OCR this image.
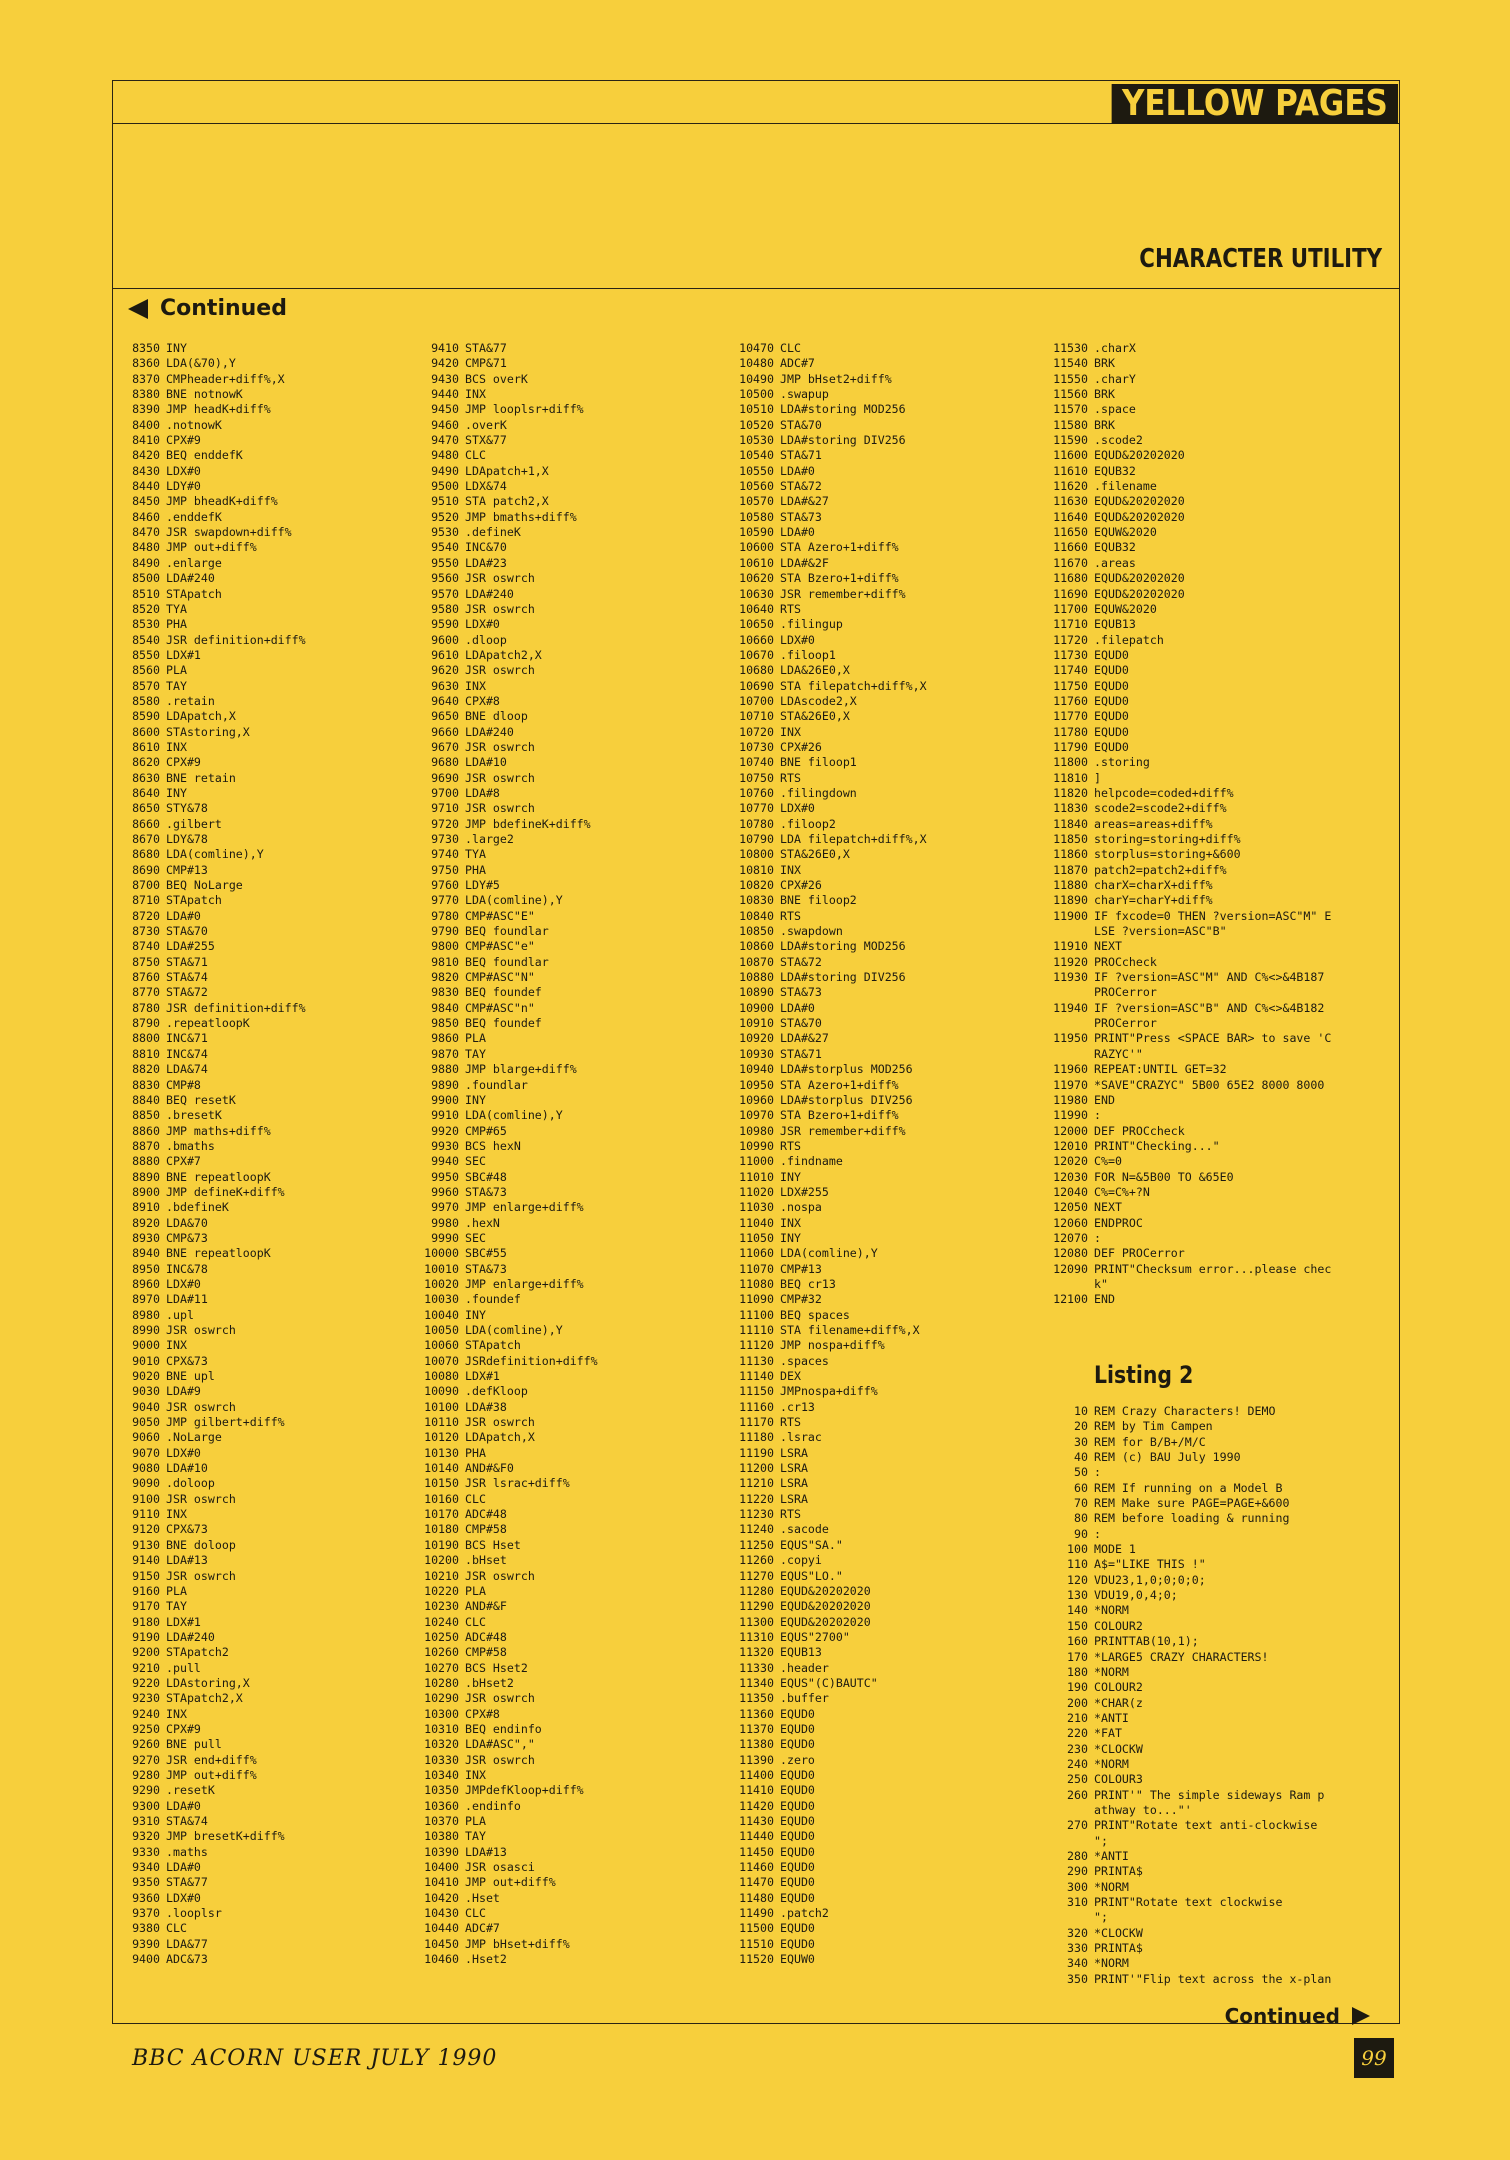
YELLOW PAGES
CHARACTER UTILITY
Continued
8350 INY
8360 LDA(&70),Y
8370 CMPheader+diff%,X
8380 BNE notnowK
8390 JMP headK+diff%
8400 .notnowK
8410 CPX#9
8420 BEQ enddefK
8430 LDX#0
8440 LDY#0
8450 JMP bheadK+diff%
8460 .enddefK
8470 JSR swapdown+diff%
8480 JMP out+diff%
8490 .enlarge
8500 LDA#240
8510 STApatch
8520 TYA
8530 PHA
8540 JSR definition+diff%
8550 LDX#1
8560 PLA
8570 TAY
8580 .retain
8590 LDApatch,X
8600 STAstoring,X
8610 INX
8620 CPX#9
8630 BNE retain
8640 INY
8650 STY&78
8660 .gilbert
8670 LDY&78
8680 LDA(comline),Y
8690 CMP#13
8700 BEQ NoLarge
8710 STApatch
8720 LDA#0
8730 STA&70
8740 LDA#255
8750 STA&71
8760 STA&74
8770 STA&72
8780 JSR definition+diff%
8790 .repeatloopK
8800 INC&71
8810 INC&74
8820 LDA&74
8830 CMP#8
8840 BEQ resetK
8850 .bresetK
8860 JMP maths+diff%
8870 .bmaths
8880 CPX#7
8890 BNE repeatloopK
8900 JMP defineK+diff%
8910 .bdefineK
8920 LDA&70
8930 CMP&73
8940 BNE repeatloopK
8950 INC&78
8960 LDX#0
8970 LDA#11
8980 .upl
8990 JSR oswrch
9000 INX
9010 CPX&73
9020 BNE upl
9030 LDA#9
9040 JSR oswrch
9050 JMP gilbert+diff%
9060 .NoLarge
9070 LDX#0
9080 LDA#10
9090 .doloop
9100 JSR oswrch
9110 INX
9120 CPX&73
9130 BNE doloop
9140 LDA#13
9150 JSR oswrch
9160 PLA
9170 TAY
9180 LDX#1
9190 LDA#240
9200 STApatch2
9210 .pull
9220 LDAstoring,X
9230 STApatch2,X
9240 INX
9250 CPX#9
9260 BNE pull
9270 JSR end+diff%
9280 JMP out+diff%
9290 .resetK
9300 LDA#0
9310 STA&74
9320 JMP bresetK+diff%
9330 .maths
9340 LDA#0
9350 STA&77
9360 LDX#0
9370 .looplsr
9380 CLC
9390 LDA&77
9400 ADC&73
9410 STA&77
9420 CMP&71
9430 BCS overK
9440 INX
9450 JMP looplsr+diff%
9460 .overK
9470 STX&77
9480 CLC
9490 LDApatch+1,X
9500 LDX&74
9510 STA patch2,X
9520 JMP bmaths+diff%
9530 .defineK
9540 INC&70
9550 LDA#23
9560 JSR oswrch
9570 LDA#240
9580 JSR oswrch
9590 LDX#0
9600 .dloop
9610 LDApatch2,X
9620 JSR oswrch
9630 INX
9640 CPX#8
9650 BNE dloop
9660 LDA#240
9670 JSR oswrch
9680 LDA#10
9690 JSR oswrch
9700 LDA#8
9710 JSR oswrch
9720 JMP bdefineK+diff%
9730 .large2
9740 TYA
9750 PHA
9760 LDY#5
9770 LDA(comline),Y
9780 CMP#ASC"E"
9790 BEQ foundlar
9800 CMP#ASC"e"
9810 BEQ foundlar
9820 CMP#ASC"N"
9830 BEQ foundef
9840 CMP#ASC"n"
9850 BEQ foundef
9860 PLA
9870 TAY
9880 JMP blarge+diff%
9890 .foundlar
9900 INY
9910 LDA(comline),Y
9920 CMP#65
9930 BCS hexN
9940 SEC
9950 SBC#48
9960 STA&73
9970 JMP enlarge+diff%
9980 .hexN
9990 SEC
10000 SBC#55
10010 STA&73
10020 JMP enlarge+diff%
10030 .foundef
10040 INY
10050 LDA(comline),Y
10060 STApatch
10070 JSRdefinition+diff%
10080 LDX#1
10090 .defKloop
10100 LDA#38
10110 JSR oswrch
10120 LDApatch,X
10130 PHA
10140 AND#&F0
10150 JSR lsrac+diff%
10160 CLC
10170 ADC#48
10180 CMP#58
10190 BCS Hset
10200 .bHset
10210 JSR oswrch
10220 PLA
10230 AND#&F
10240 CLC
10250 ADC#48
10260 CMP#58
10270 BCS Hset2
10280 .bHset2
10290 JSR oswrch
10300 CPX#8
10310 BEQ endinfo
10320 LDA#ASC","
10330 JSR oswrch
10340 INX
10350 JMPdefKloop+diff%
10360 .endinfo
10370 PLA
10380 TAY
10390 LDA#13
10400 JSR osasci
10410 JMP out+diff%
10420 .Hset
10430 CLC
10440 ADC#7
10450 JMP bHset+diff%
10460 .Hset2
10470 CLC
10480 ADC#7
10490 JMP bHset2+diff%
10500 .swapup
10510 LDA#storing MOD256
10520 STA&70
10530 LDA#storing DIV256
10540 STA&71
10550 LDA#0
10560 STA&72
10570 LDA#&27
10580 STA&73
10590 LDA#0
10600 STA Azero+1+diff%
10610 LDA#&2F
10620 STA Bzero+1+diff%
10630 JSR remember+diff%
10640 RTS
10650 .filingup
10660 LDX#0
10670 .filoop1
10680 LDA&26E0,X
10690 STA filepatch+diff%,X
10700 LDAscode2,X
10710 STA&26E0,X
10720 INX
10730 CPX#26
10740 BNE filoop1
10750 RTS
10760 .filingdown
10770 LDX#0
10780 .filoop2
10790 LDA filepatch+diff%,X
10800 STA&26E0,X
10810 INX
10820 CPX#26
10830 BNE filoop2
10840 RTS
10850 .swapdown
10860 LDA#storing MOD256
10870 STA&72
10880 LDA#storing DIV256
10890 STA&73
10900 LDA#0
10910 STA&70
10920 LDA#&27
10930 STA&71
10940 LDA#storplus MOD256
10950 STA Azero+1+diff%
10960 LDA#storplus DIV256
10970 STA Bzero+1+diff%
10980 JSR remember+diff%
10990 RTS
11000 .findname
11010 INY
11020 LDX#255
11030 .nospa
11040 INX
11050 INY
11060 LDA(comline),Y
11070 CMP#13
11080 BEQ cr13
11090 CMP#32
11100 BEQ spaces
11110 STA filename+diff%,X
11120 JMP nospa+diff%
11130 .spaces
11140 DEX
11150 JMPnospa+diff%
11160 .cr13
11170 RTS
11180 .lsrac
11190 LSRA
11200 LSRA
11210 LSRA
11220 LSRA
11230 RTS
11240 .sacode
11250 EQUS"SA."
11260 .copyi
11270 EQUS"LO."
11280 EQUD&20202020
11290 EQUD&20202020
11300 EQUD&20202020
11310 EQUS"2700"
11320 EQUB13
11330 .header
11340 EQUS"(C)BAUTC"
11350 .buffer
11360 EQUD0
11370 EQUD0
11380 EQUD0
11390 .zero
11400 EQUD0
11410 EQUD0
11420 EQUD0
11430 EQUD0
11440 EQUD0
11450 EQUD0
11460 EQUD0
11470 EQUD0
11480 EQUD0
11490 .patch2
11500 EQUD0
11510 EQUD0
11520 EQUW0
11530 .charX
11540 BRK
11550 .charY
11560 BRK
11570 .space
11580 BRK
11590 .scode2
11600 EQUD&20202020
11610 EQUB32
11620 .filename
11630 EQUD&20202020
11640 EQUD&20202020
11650 EQUW&2020
11660 EQUB32
11670 .areas
11680 EQUD&20202020
11690 EQUD&20202020
11700 EQUW&2020
11710 EQUB13
11720 .filepatch
11730 EQUD0
11740 EQUD0
11750 EQUD0
11760 EQUD0
11770 EQUD0
11780 EQUD0
11790 EQUD0
11800 .storing
11810 ]
11820 helpcode=coded+diff%
11830 scode2=scode2+diff%
11840 areas=areas+diff%
11850 storing=storing+diff%
11860 storplus=storing+&600
11870 patch2=patch2+diff%
11880 charX=charX+diff%
11890 charY=charY+diff%
11900 IF fxcode=0 THEN ?version=ASC"M" E
LSE ?version=ASC"B"
11910 NEXT
11920 PROCcheck
11930 IF ?version=ASC"M" AND C%<>&4B187
PROCerror
11940 IF ?version=ASC"B" AND C%<>&4B182
PROCerror
11950 PRINT"Press <SPACE BAR> to save 'C
RAZYC'"
11960 REPEAT:UNTIL GET=32
11970 *SAVE"CRAZYC" 5B00 65E2 8000 8000
11980 END
11990 :
12000 DEF PROCcheck
12010 PRINT"Checking..."
12020 C%=0
12030 FOR N=&5B00 TO &65E0
12040 C%=C%+?N
12050 NEXT
12060 ENDPROC
12070 :
12080 DEF PROCerror
12090 PRINT"Checksum error...please chec
k"
12100 END
Listing 2
10 REM Crazy Characters! DEMO
20 REM by Tim Campen
30 REM for B/B+/M/C
40 REM (c) BAU July 1990
50 :
60 REM If running on a Model B
70 REM Make sure PAGE=PAGE+&600
80 REM before loading & running
90 :
100 MODE 1
110 A$="LIKE THIS !"
120 VDU23,1,0;0;0;0;
130 VDU19,0,4;0;
140 *NORM
150 COLOUR2
160 PRINTTAB(10,1);
170 *LARGE5 CRAZY CHARACTERS!
180 *NORM
190 COLOUR2
200 *CHAR(z
210 *ANTI
220 *FAT
230 *CLOCKW
240 *NORM
250 COLOUR3
260 PRINT'" The simple sideways Ram p
athway to..."'
270 PRINT"Rotate text anti-clockwise
";
280 *ANTI
290 PRINTA$
300 *NORM
310 PRINT"Rotate text clockwise
";
320 *CLOCKW
330 PRINTA$
340 *NORM
350 PRINT'"Flip text across the x-plan
Continued
BBC ACORN USER JULY 1990	99
